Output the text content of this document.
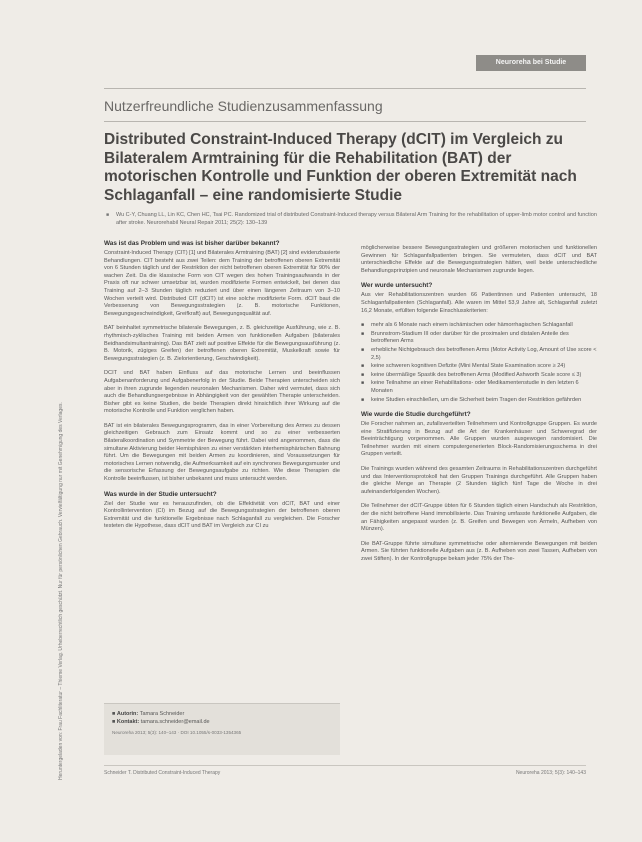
Neuroreha bei Studie
Heruntergeladen von: Frau Fachliteratur – Thieme Verlag. Urheberrechtlich geschützt. Nur für persönlichen Gebrauch. Vervielfältigung nur mit Genehmigung des Verlages.
Nutzerfreundliche Studienzusammenfassung
Distributed Constraint-Induced Therapy (dCIT) im Vergleich zu Bilateralem Armtraining für die Rehabilitation (BAT) der motorischen Kontrolle und Funktion der oberen Extremität nach Schlaganfall – eine randomisierte Studie
■ Wu C-Y, Chuang LL, Lin KC, Chen HC, Tsai PC. Randomized trial of distributed Constraint-Induced therapy versus Bilateral Arm Training for the rehabilitation of upper-limb motor control and function after stroke. Neurorehabil Neural Repair 2011; 25(2): 130–139
Was ist das Problem und was ist bisher darüber bekannt?

Constraint-Induced Therapy (CIT) [1] und Bilaterales Armtraining (BAT) [2] sind evidenzbasierte Behandlungen. CIT besteht aus zwei Teilen: dem Training der betroffenen oberen Extremität von 6 Stunden täglich und der Restriktion der nicht betroffenen oberen Extremität für 90% der wachen Zeit. Da die klassische Form von CIT wegen des hohen Trainingsaufwands in der Praxis oft nur schwer umsetzbar ist, wurden modifizierte Formen entwickelt, bei denen das Training auf 2–3 Stunden täglich reduziert und über einen längeren Zeitraum von 3–10 Wochen verteilt wird. Distributed CIT (dCIT) ist eine solche modifizierte Form. dCIT baut die Verbesserung von Bewegungsstrategien (z. B. motorische Funktionen, Bewegungsgeschwindigkeit, Greifkraft) auf, Bewegungsqualität auf.

BAT beinhaltet symmetrische bilaterale Bewegungen, z. B. gleichzeitige Ausführung, wie z. B. rhythmisch-zyklisches Training mit beiden Armen von funktionellen Aufgaben (bilaterales Beidhandsimultantraining). Das BAT zielt auf positive Effekte für die Bewegungsausführung (z. B. Motorik, zügiges Greifen) der betroffenen oberen Extremität, Muskelkraft sowie für Bewegungsstrategien (z. B. Zielorientierung, Geschwindigkeit).

DCIT und BAT haben Einfluss auf das motorische Lernen und beeinflussen Aufgabenanforderung und Aufgabenerfolg in der Studie. Beide Therapien unterscheiden sich aber in ihren zugrunde liegenden neuronalen Mechanismen. Daher wird vermutet, dass sich auch die Behandlungsergebnisse in Abhängigkeit von der gewählten Therapie unterscheiden. Bisher gibt es keine Studien, die beide Therapien direkt hinsichtlich ihrer Wirkung auf die motorische Kontrolle und Funktion verglichen haben.

BAT ist ein bilaterales Bewegungsprogramm, das in einer Vorbereitung des Armes zu dessen gleichzeitigen Gebrauch zum Einsatz kommt und so zu einer verbesserten Bilateralkoordination und Symmetrie der Bewegung führt. Dabei wird angenommen, dass die simultane Aktivierung beider Hemisphären zu einer verstärkten interhemisphärischen Bahnung führt. Um die Bewegungen mit beiden Armen zu koordinieren, sind Voraussetzungen für motorisches Lernen notwendig, die Aufmerksamkeit auf ein synchrones Bewegungsmuster und die sensorische Erfassung der Bewegungsaufgabe zu richten. Wie diese Therapien die Kontrolle beeinflussen, ist bisher unbekannt und muss untersucht werden.

Was wurde in der Studie untersucht?

Ziel der Studie war es herauszufinden, ob die Effektivität von dCIT, BAT und einer Kontrollintervention (CI) im Bezug auf die Bewegungsstrategien der betroffenen oberen Extremität und die funktionelle Ergebnisse nach Schlaganfall zu vergleichen. Die Forscher testeten die Hypothese, dass dCIT und BAT im Vergleich zur CI zu

möglicherweise bessere Bewegungsstrategien und größeren motorischen und funktionellen Gewinnen für Schlaganfallpatienten bringen. Sie vermuteten, dass dCIT und BAT unterschiedliche Effekte auf die Bewegungsstrategien hätten, weil beide unterschiedliche Behandlungsprinzipien und neuronale Mechanismen zugrunde liegen.

Wer wurde untersucht?

Aus vier Rehabilitationszentren wurden 66 Patientinnen und Patienten untersucht, 18 Schlaganfallpatienten (Schlaganfall). Alle waren im Mittel 53,9 Jahre alt, Schlaganfall zuletzt 16,2 Monate, erfüllten folgende Einschlusskriterien:

■ mehr als 6 Monate nach einem ischämischen oder hämorrhagischen Schlaganfall
■ Brunnstrom-Stadium III oder darüber für die proximalen und distalen Anteile des betroffenen Arms
■ erhebliche Nichtgebrauch des betroffenen Arms (Motor Activity Log, Amount of Use score < 2,5)
■ keine schweren kognitiven Defizite (Mini Mental State Examination score ≥ 24)
■ keine übermäßige Spastik des betroffenen Arms (Modified Ashworth Scale score ≤ 3)
■ keine Teilnahme an einer Rehabilitations- oder Medikamentenstudie in den letzten 6 Monaten
■ keine Studien einschließen, um die Sicherheit beim Tragen der Restriktion gefährden
Wie wurde die Studie durchgeführt?

Die Forscher nahmen an, zufallsverteilten Teilnehmern und Kontrollgruppe Gruppen. Es wurde eine Stratifizierung in Bezug auf die Art der Krankenhäuser und Schweregrad der Beeinträchtigung vorgenommen. Alle Gruppen wurden ausgewogen randomisiert. Die Teilnehmer wurden mit einem computergenerierten Block-Randomisierungsschema in drei Gruppen verteilt.

Die Trainings wurden während des gesamten Zeitraums in Rehabilitationszentren durchgeführt und das Interventionsprotokoll hat den Gruppen Trainings durchgeführt. Alle Gruppen haben die gleiche Menge an Therapie (2 Stunden täglich fünf Tage die Woche in drei aufeinanderfolgenden Wochen).

Die Teilnehmer der dCIT-Gruppe übten für 6 Stunden täglich einen Handschuh als Restriktion, der die nicht betroffene Hand immobilisierte. Das Training umfasste funktionelle Aufgaben, die an Fähigkeiten angepasst wurden (z. B. Greifen und Bewegen von Ärmeln, Aufheben von Münzen).

Die BAT-Gruppe führte simultane symmetrische oder alternierende Bewegungen mit beiden Armen. Sie führten funktionelle Aufgaben aus (z. B. Aufheben von zwei Tassen, Aufheben von zwei Stiften). In der Kontrollgruppe bekam jeder 75% der The-

■ Autorin: Tamara Schneider
■ Kontakt: tamara.schneider@email.de
Neuroreha 2013; 5(3): 140–143 · DOI 10.1055/s-0033-1354365
Schneider T. Distributed Constraint-Induced Therapy	Neuroreha 2013; 5(3): 140–143
